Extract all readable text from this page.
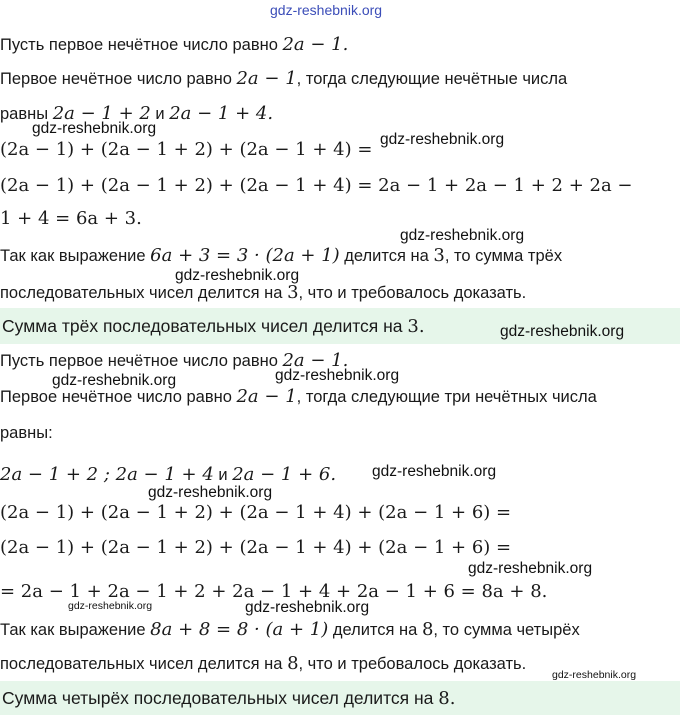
gdz-reshebnik.org
Пусть первое нечётное число равно 2a − 1.
Первое нечётное число равно 2a − 1, тогда следующие нечётные числа
равны 2a − 1 + 2 и 2a − 1 + 4.
(2a − 1) + (2a − 1 + 2) + (2a − 1 + 4) =
(2a − 1) + (2a − 1 + 2) + (2a − 1 + 4) = 2a − 1 + 2a − 1 + 2 + 2a −
1 + 4 = 6a + 3.
Так как выражение 6a + 3 = 3 · (2a + 1) делится на 3, то сумма трёх
последовательных чисел делится на 3, что и требовалось доказать.
Сумма трёх последовательных чисел делится на 3.
Пусть первое нечётное число равно 2a − 1.
Первое нечётное число равно 2a − 1, тогда следующие три нечётных числа
равны:
2a − 1 + 2 ; 2a − 1 + 4 и 2a − 1 + 6.
(2a − 1) + (2a − 1 + 2) + (2a − 1 + 4) + (2a − 1 + 6) =
(2a − 1) + (2a − 1 + 2) + (2a − 1 + 4) + (2a − 1 + 6) =
= 2a − 1 + 2a − 1 + 2 + 2a − 1 + 4 + 2a − 1 + 6 = 8a + 8.
Так как выражение 8a + 8 = 8 · (a + 1) делится на 8, то сумма четырёх
последовательных чисел делится на 8, что и требовалось доказать.
Сумма четырёх последовательных чисел делится на 8.
gdz-reshebnik.org
gdz-reshebnik.org
gdz-reshebnik.org
gdz-reshebnik.org
gdz-reshebnik.org
gdz-reshebnik.org
gdz-reshebnik.org
gdz-reshebnik.org
gdz-reshebnik.org
gdz-reshebnik.org
gdz-reshebnik.org	gdz-reshebnik.org
gdz-reshebnik.org
